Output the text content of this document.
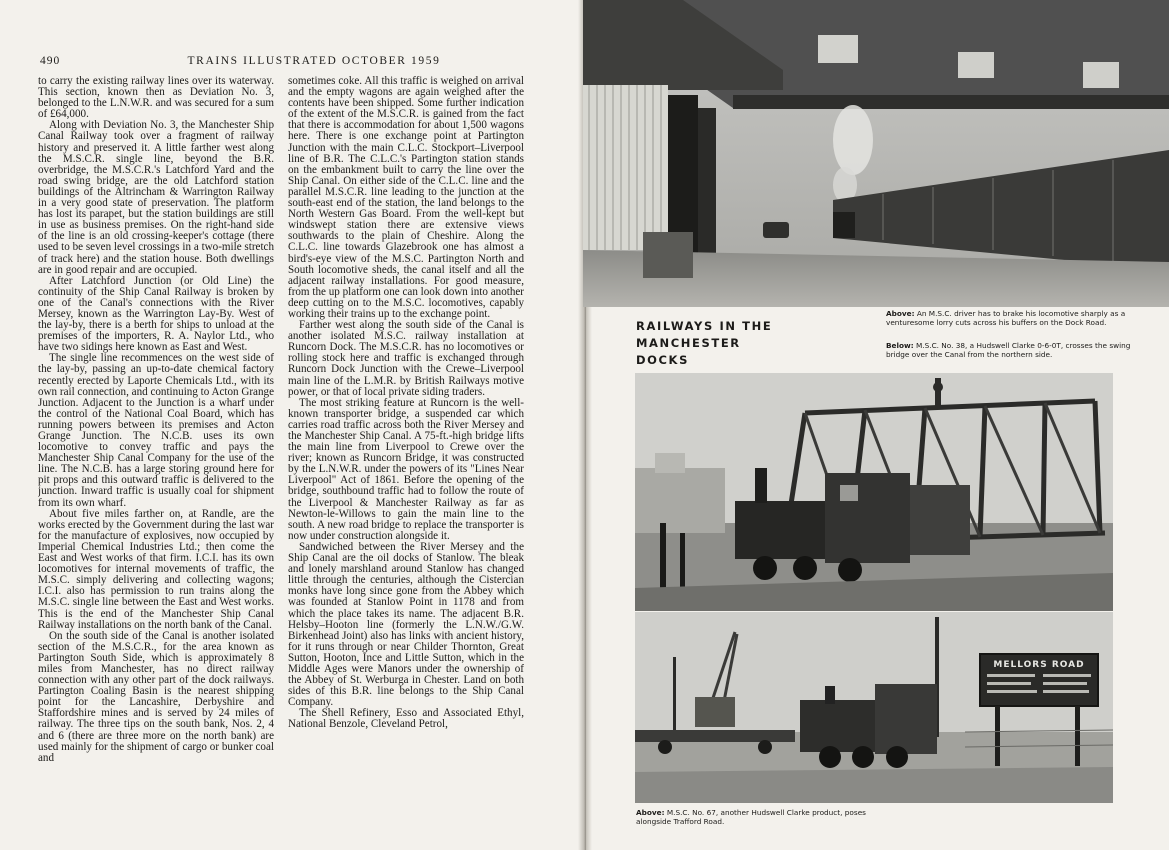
490	TRAINS ILLUSTRATED OCTOBER 1959

to carry the existing railway lines over its waterway. This section, known then as Deviation No. 3, belonged to the L.N.W.R. and was secured for a sum of £64,000.

Along with Deviation No. 3, the Manchester Ship Canal Railway took over a fragment of railway history and preserved it. A little farther west along the M.S.C.R. single line, beyond the B.R. overbridge, the M.S.C.R.'s Latchford Yard and the road swing bridge, are the old Latchford station buildings of the Altrincham & Warrington Railway in a very good state of preservation. The platform has lost its parapet, but the station buildings are still in use as business premises. On the right-hand side of the line is an old crossing-keeper's cottage (there used to be seven level crossings in a two-mile stretch of track here) and the station house. Both dwellings are in good repair and are occupied.

After Latchford Junction (or Old Line) the continuity of the Ship Canal Railway is broken by one of the Canal's connections with the River Mersey, known as the Warrington Lay-By. West of the lay-by, there is a berth for ships to unload at the premises of the importers, R. A. Naylor Ltd., who have two sidings here known as East and West.

The single line recommences on the west side of the lay-by, passing an up-to-date chemical factory recently erected by Laporte Chemicals Ltd., with its own rail connection, and continuing to Acton Grange Junction. Adjacent to the Junction is a wharf under the control of the National Coal Board, which has running powers between its premises and Acton Grange Junction. The N.C.B. uses its own locomotive to convey traffic and pays the Manchester Ship Canal Company for the use of the line. The N.C.B. has a large storing ground here for pit props and this outward traffic is delivered to the junction. Inward traffic is usually coal for shipment from its own wharf.

About five miles farther on, at Randle, are the works erected by the Government during the last war for the manufacture of explosives, now occupied by Imperial Chemical Industries Ltd.; then come the East and West works of that firm. I.C.I. has its own locomotives for internal movements of traffic, the M.S.C. simply delivering and collecting wagons; I.C.I. also has permission to run trains along the M.S.C. single line between the East and West works. This is the end of the Manchester Ship Canal Railway installations on the north bank of the Canal.

On the south side of the Canal is another isolated section of the M.S.C.R., for the area known as Partington South Side, which is approximately 8 miles from Manchester, has no direct railway connection with any other part of the dock railways. Partington Coaling Basin is the nearest shipping point for the Lancashire, Derbyshire and Staffordshire mines and is served by 24 miles of railway. The three tips on the south bank, Nos. 2, 4 and 6 (there are three more on the north bank) are used mainly for the shipment of cargo or bunker coal and

sometimes coke. All this traffic is weighed on arrival and the empty wagons are again weighed after the contents have been shipped. Some further indication of the extent of the M.S.C.R. is gained from the fact that there is accommodation for about 1,500 wagons here. There is one exchange point at Partington Junction with the main C.L.C. Stockport–Liverpool line of B.R. The C.L.C.'s Partington station stands on the embankment built to carry the line over the Ship Canal. On either side of the C.L.C. line and the parallel M.S.C.R. line leading to the junction at the south-east end of the station, the land belongs to the North Western Gas Board. From the well-kept but windswept station there are extensive views southwards to the plain of Cheshire. Along the C.L.C. line towards Glazebrook one has almost a bird's-eye view of the M.S.C. Partington North and South locomotive sheds, the canal itself and all the adjacent railway installations. For good measure, from the up platform one can look down into another deep cutting on to the M.S.C. locomotives, capably working their trains up to the exchange point.

Farther west along the south side of the Canal is another isolated M.S.C. railway installation at Runcorn Dock. The M.S.C.R. has no locomotives or rolling stock here and traffic is exchanged through Runcorn Dock Junction with the Crewe–Liverpool main line of the L.M.R. by British Railways motive power, or that of local private siding traders.

The most striking feature at Runcorn is the well-known transporter bridge, a suspended car which carries road traffic across both the River Mersey and the Manchester Ship Canal. A 75-ft.-high bridge lifts the main line from Liverpool to Crewe over the river; known as Runcorn Bridge, it was constructed by the L.N.W.R. under the powers of its "Lines Near Liverpool" Act of 1861. Before the opening of the bridge, southbound traffic had to follow the route of the Liverpool & Manchester Railway as far as Newton-le-Willows to gain the main line to the south. A new road bridge to replace the transporter is now under construction alongside it.

Sandwiched between the River Mersey and the Ship Canal are the oil docks of Stanlow. The bleak and lonely marshland around Stanlow has changed little through the centuries, although the Cistercian monks have long since gone from the Abbey which was founded at Stanlow Point in 1178 and from which the place takes its name. The adjacent B.R. Helsby–Hooton line (formerly the L.N.W./G.W. Birkenhead Joint) also has links with ancient history, for it runs through or near Childer Thornton, Great Sutton, Hooton, Ince and Little Sutton, which in the Middle Ages were Manors under the ownership of the Abbey of St. Werburga in Chester. Land on both sides of this B.R. line belongs to the Ship Canal Company.

The Shell Refinery, Esso and Associated Ethyl, National Benzole, Cleveland Petrol,

RAILWAYS IN THE
MANCHESTER DOCKS
Above: An M.S.C. driver has to brake his locomotive sharply as a venturesome lorry cuts across his buffers on the Dock Road.
Below: M.S.C. No. 38, a Hudswell Clarke 0-6-0T, crosses the swing bridge over the Canal from the northern side.
MELLORS ROAD
Above: M.S.C. No. 67, another Hudswell Clarke product, poses alongside Trafford Road.
